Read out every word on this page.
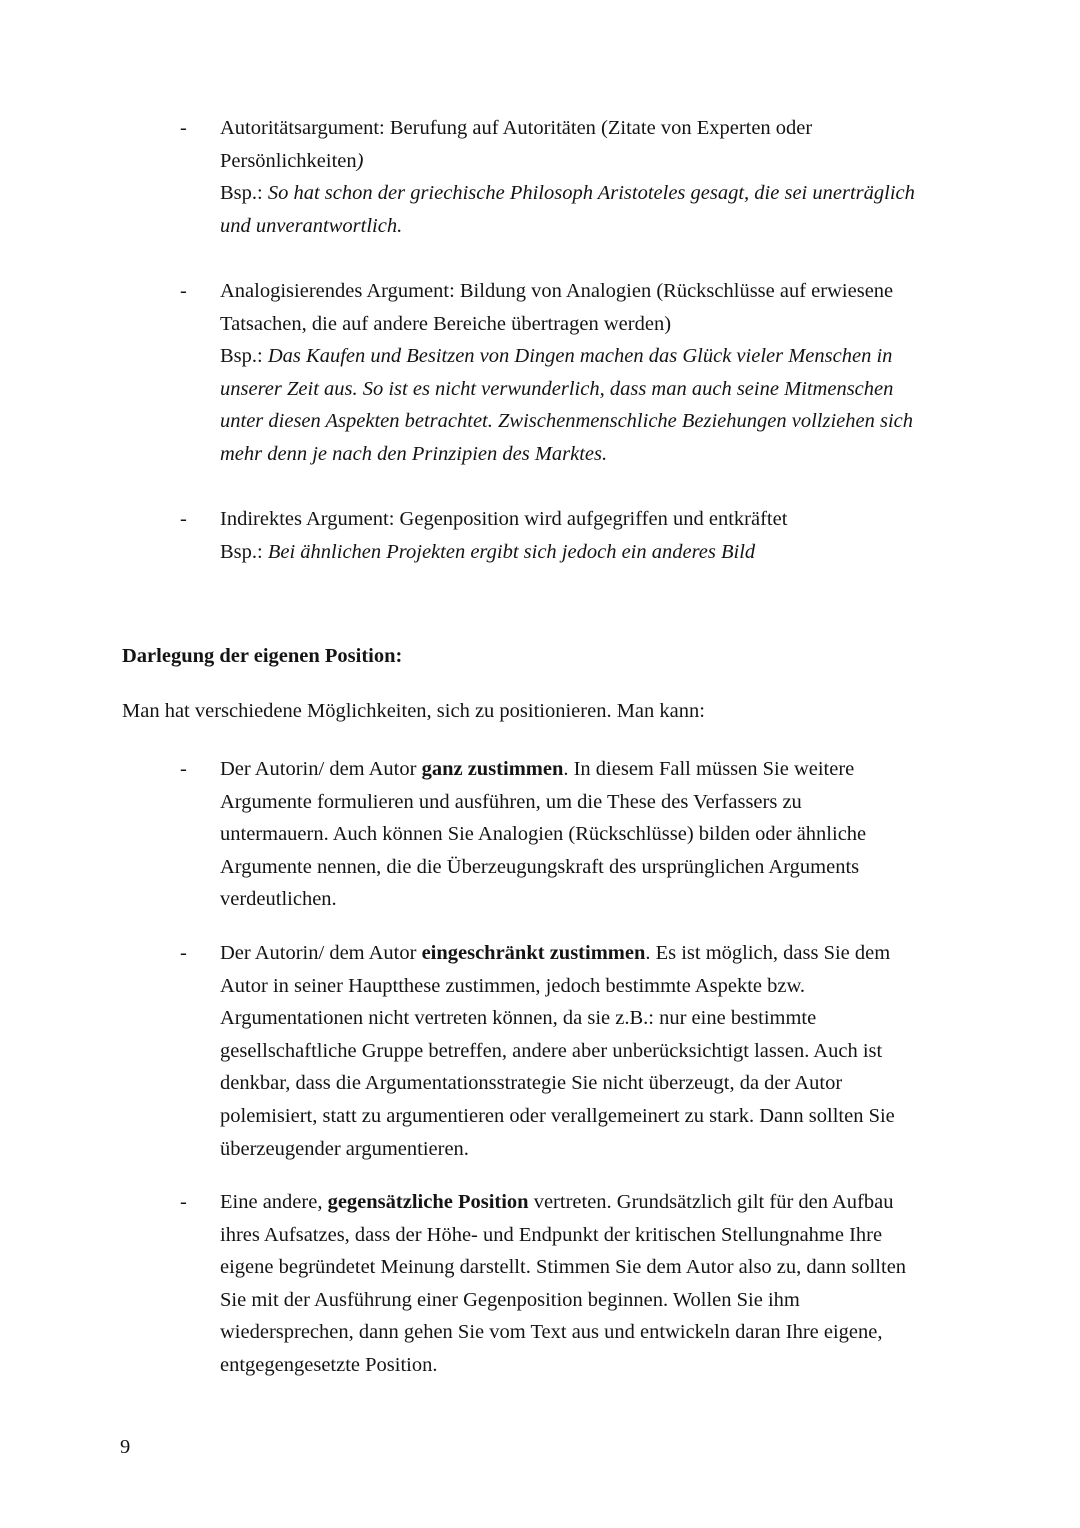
-	Autoritätsargument: Berufung auf Autoritäten (Zitate von Experten oder
Persönlichkeiten)
Bsp.: So hat schon der griechische Philosoph Aristoteles gesagt, die sei unerträglich
und unverantwortlich.
-	Analogisierendes Argument: Bildung von Analogien (Rückschlüsse auf erwiesene
Tatsachen, die auf andere Bereiche übertragen werden)
Bsp.: Das Kaufen und Besitzen von Dingen machen das Glück vieler Menschen in
unserer Zeit aus. So ist es nicht verwunderlich, dass man auch seine Mitmenschen
unter diesen Aspekten betrachtet. Zwischenmenschliche Beziehungen vollziehen sich
mehr denn je nach den Prinzipien des Marktes.
-	Indirektes Argument: Gegenposition wird aufgegriffen und entkräftet
Bsp.: Bei ähnlichen Projekten ergibt sich jedoch ein anderes Bild
Darlegung der eigenen Position:
Man hat verschiedene Möglichkeiten, sich zu positionieren. Man kann:
-	Der Autorin/ dem Autor ganz zustimmen. In diesem Fall müssen Sie weitere
Argumente formulieren und ausführen, um die These des Verfassers zu
untermauern. Auch können Sie Analogien (Rückschlüsse) bilden oder ähnliche
Argumente nennen, die die Überzeugungskraft des ursprünglichen Arguments
verdeutlichen.
-	Der Autorin/ dem Autor eingeschränkt zustimmen. Es ist möglich, dass Sie dem
Autor in seiner Hauptthese zustimmen, jedoch bestimmte Aspekte bzw.
Argumentationen nicht vertreten können, da sie z.B.: nur eine bestimmte
gesellschaftliche Gruppe betreffen, andere aber unberücksichtigt lassen. Auch ist
denkbar, dass die Argumentationsstrategie Sie nicht überzeugt, da der Autor
polemisiert, statt zu argumentieren oder verallgemeinert zu stark. Dann sollten Sie
überzeugender argumentieren.
-	Eine andere, gegensätzliche Position vertreten. Grundsätzlich gilt für den Aufbau
ihres Aufsatzes, dass der Höhe- und Endpunkt der kritischen Stellungnahme Ihre
eigene begründetet Meinung darstellt. Stimmen Sie dem Autor also zu, dann sollten
Sie mit der Ausführung einer Gegenposition beginnen. Wollen Sie ihm
wiedersprechen, dann gehen Sie vom Text aus und entwickeln daran Ihre eigene,
entgegengesetzte Position.
9
